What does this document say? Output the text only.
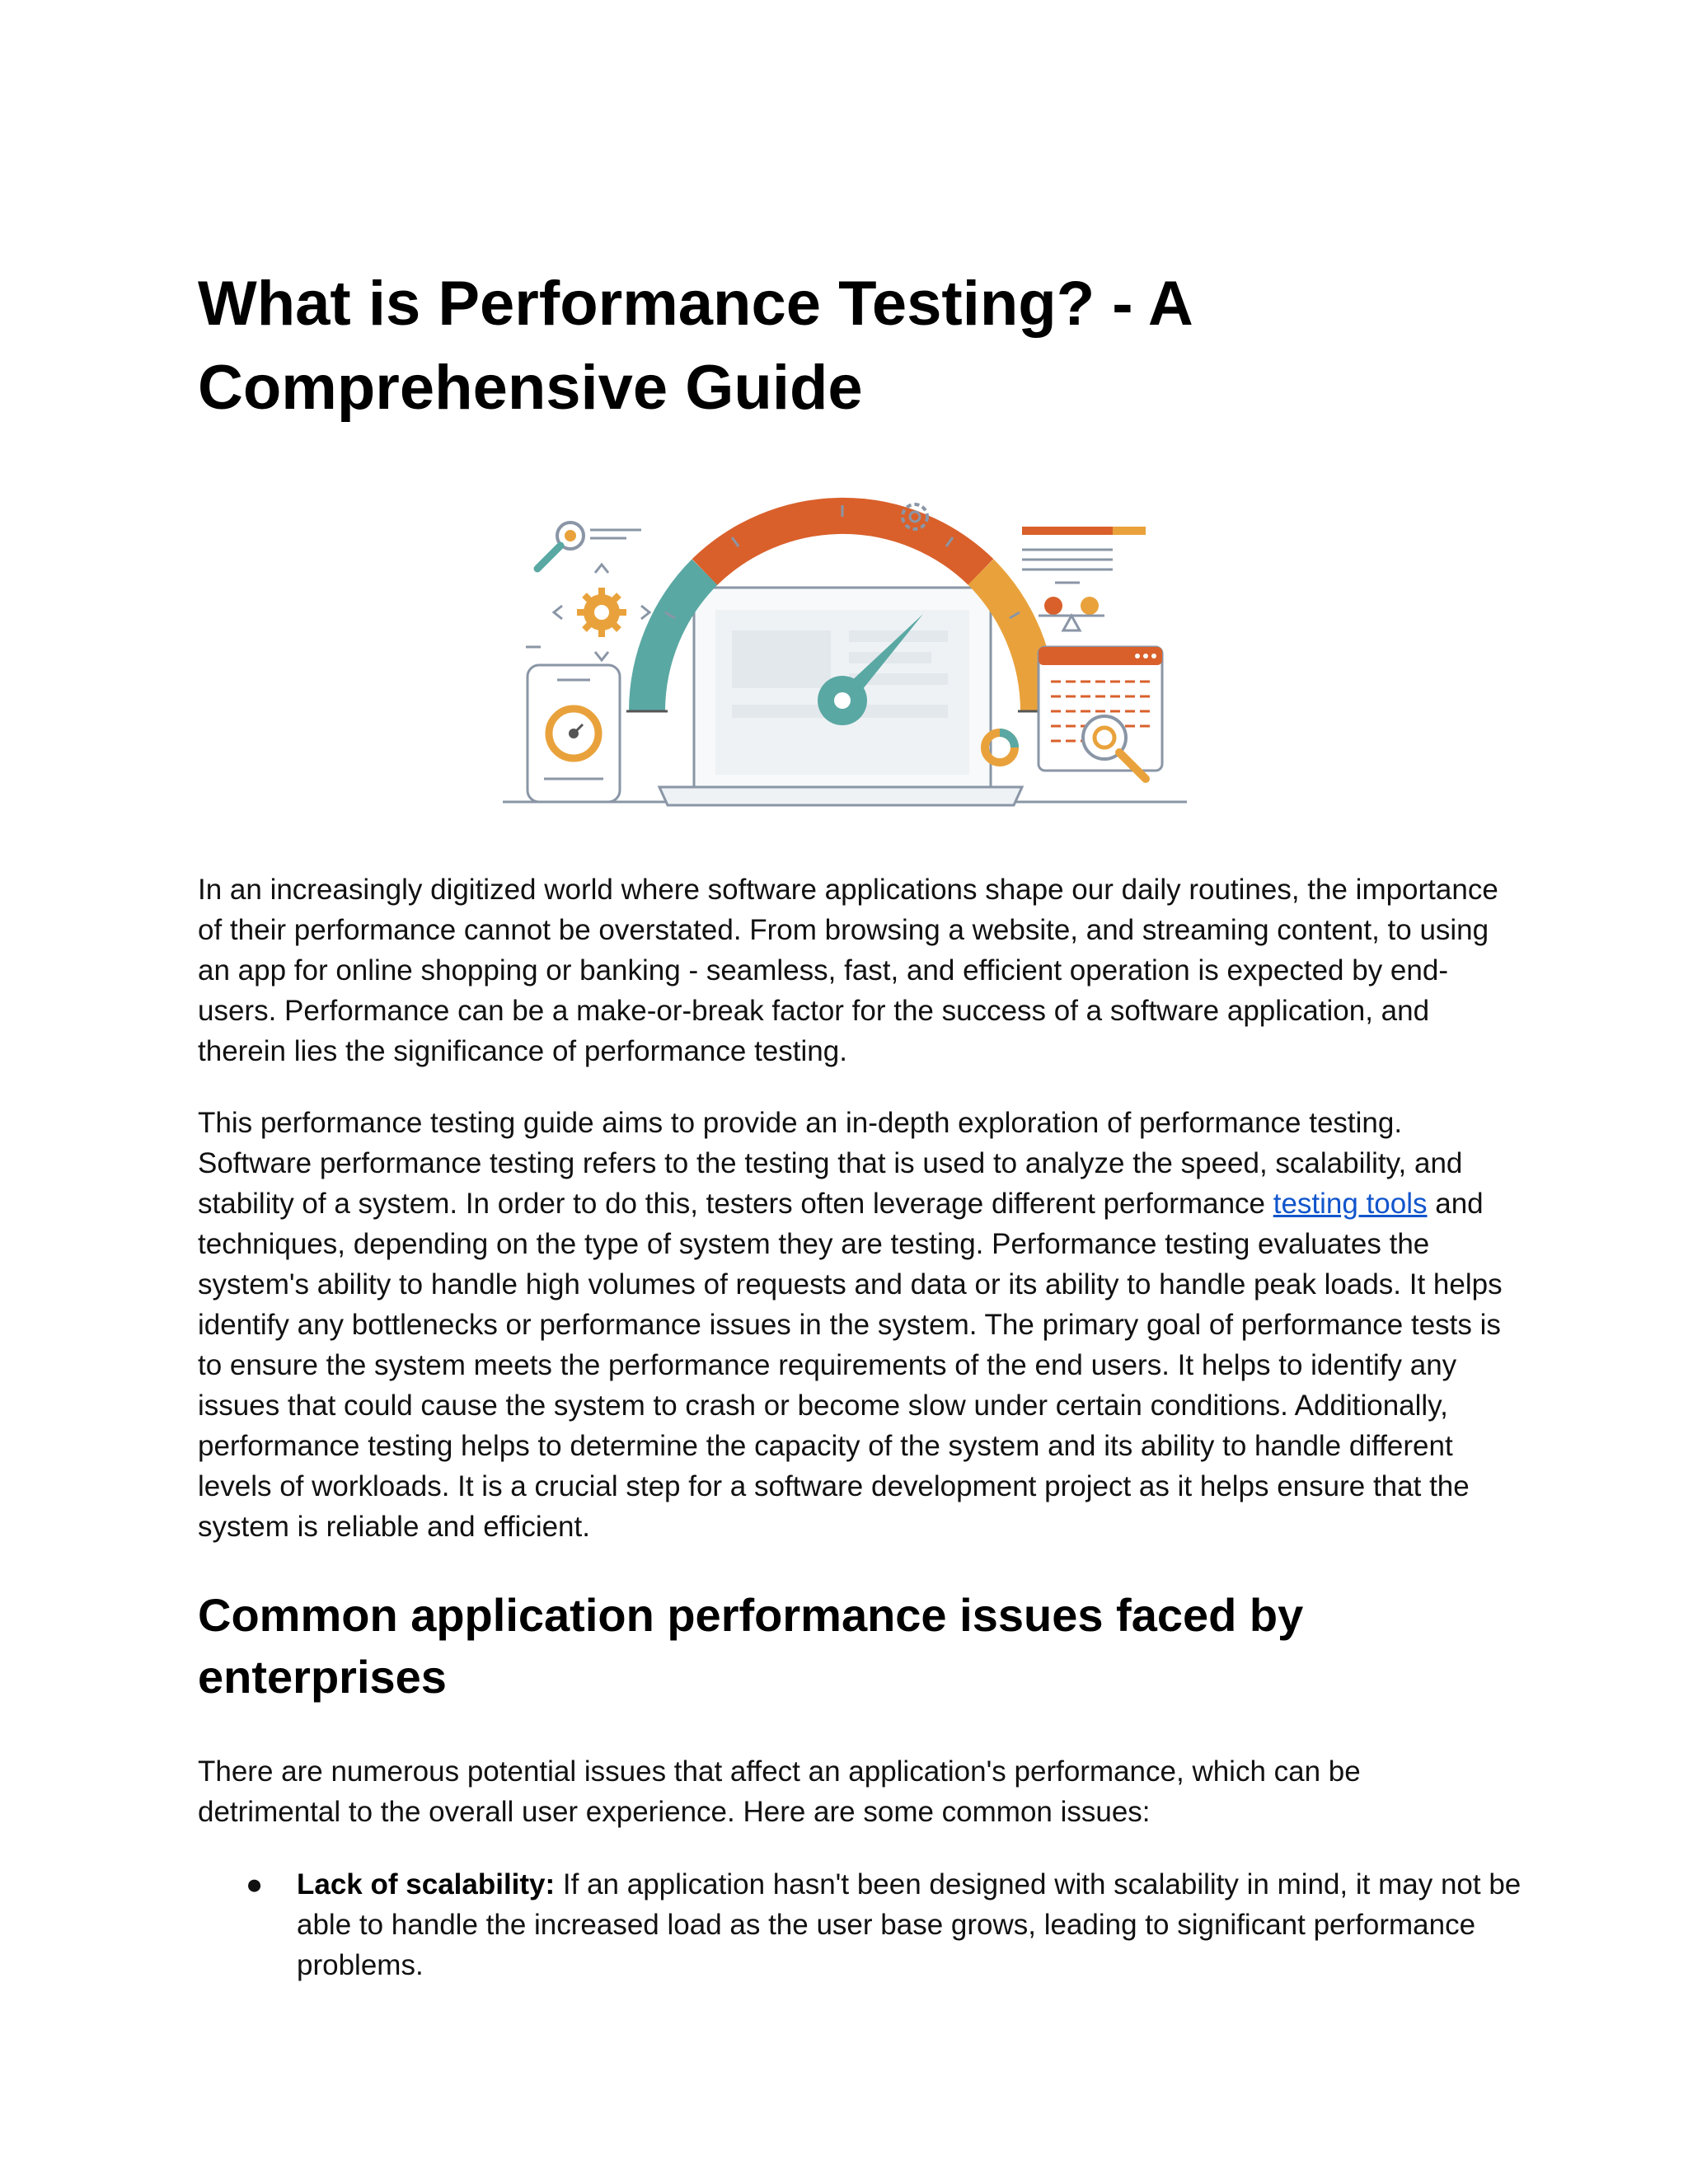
What is Performance Testing? - A Comprehensive Guide

In an increasingly digitized world where software applications shape our daily routines, the importance of their performance cannot be overstated. From browsing a website, and streaming content, to using an app for online shopping or banking - seamless, fast, and efficient operation is expected by end-users. Performance can be a make-or-break factor for the success of a software application, and therein lies the significance of performance testing.

This performance testing guide aims to provide an in-depth exploration of performance testing. Software performance testing refers to the testing that is used to analyze the speed, scalability, and stability of a system. In order to do this, testers often leverage different performance testing tools and techniques, depending on the type of system they are testing. Performance testing evaluates the system's ability to handle high volumes of requests and data or its ability to handle peak loads. It helps identify any bottlenecks or performance issues in the system. The primary goal of performance tests is to ensure the system meets the performance requirements of the end users. It helps to identify any issues that could cause the system to crash or become slow under certain conditions. Additionally, performance testing helps to determine the capacity of the system and its ability to handle different levels of workloads. It is a crucial step for a software development project as it helps ensure that the system is reliable and efficient.

Common application performance issues faced by enterprises

There are numerous potential issues that affect an application's performance, which can be detrimental to the overall user experience. Here are some common issues:

● Lack of scalability: If an application hasn't been designed with scalability in mind, it may not be able to handle the increased load as the user base grows, leading to significant performance problems.
